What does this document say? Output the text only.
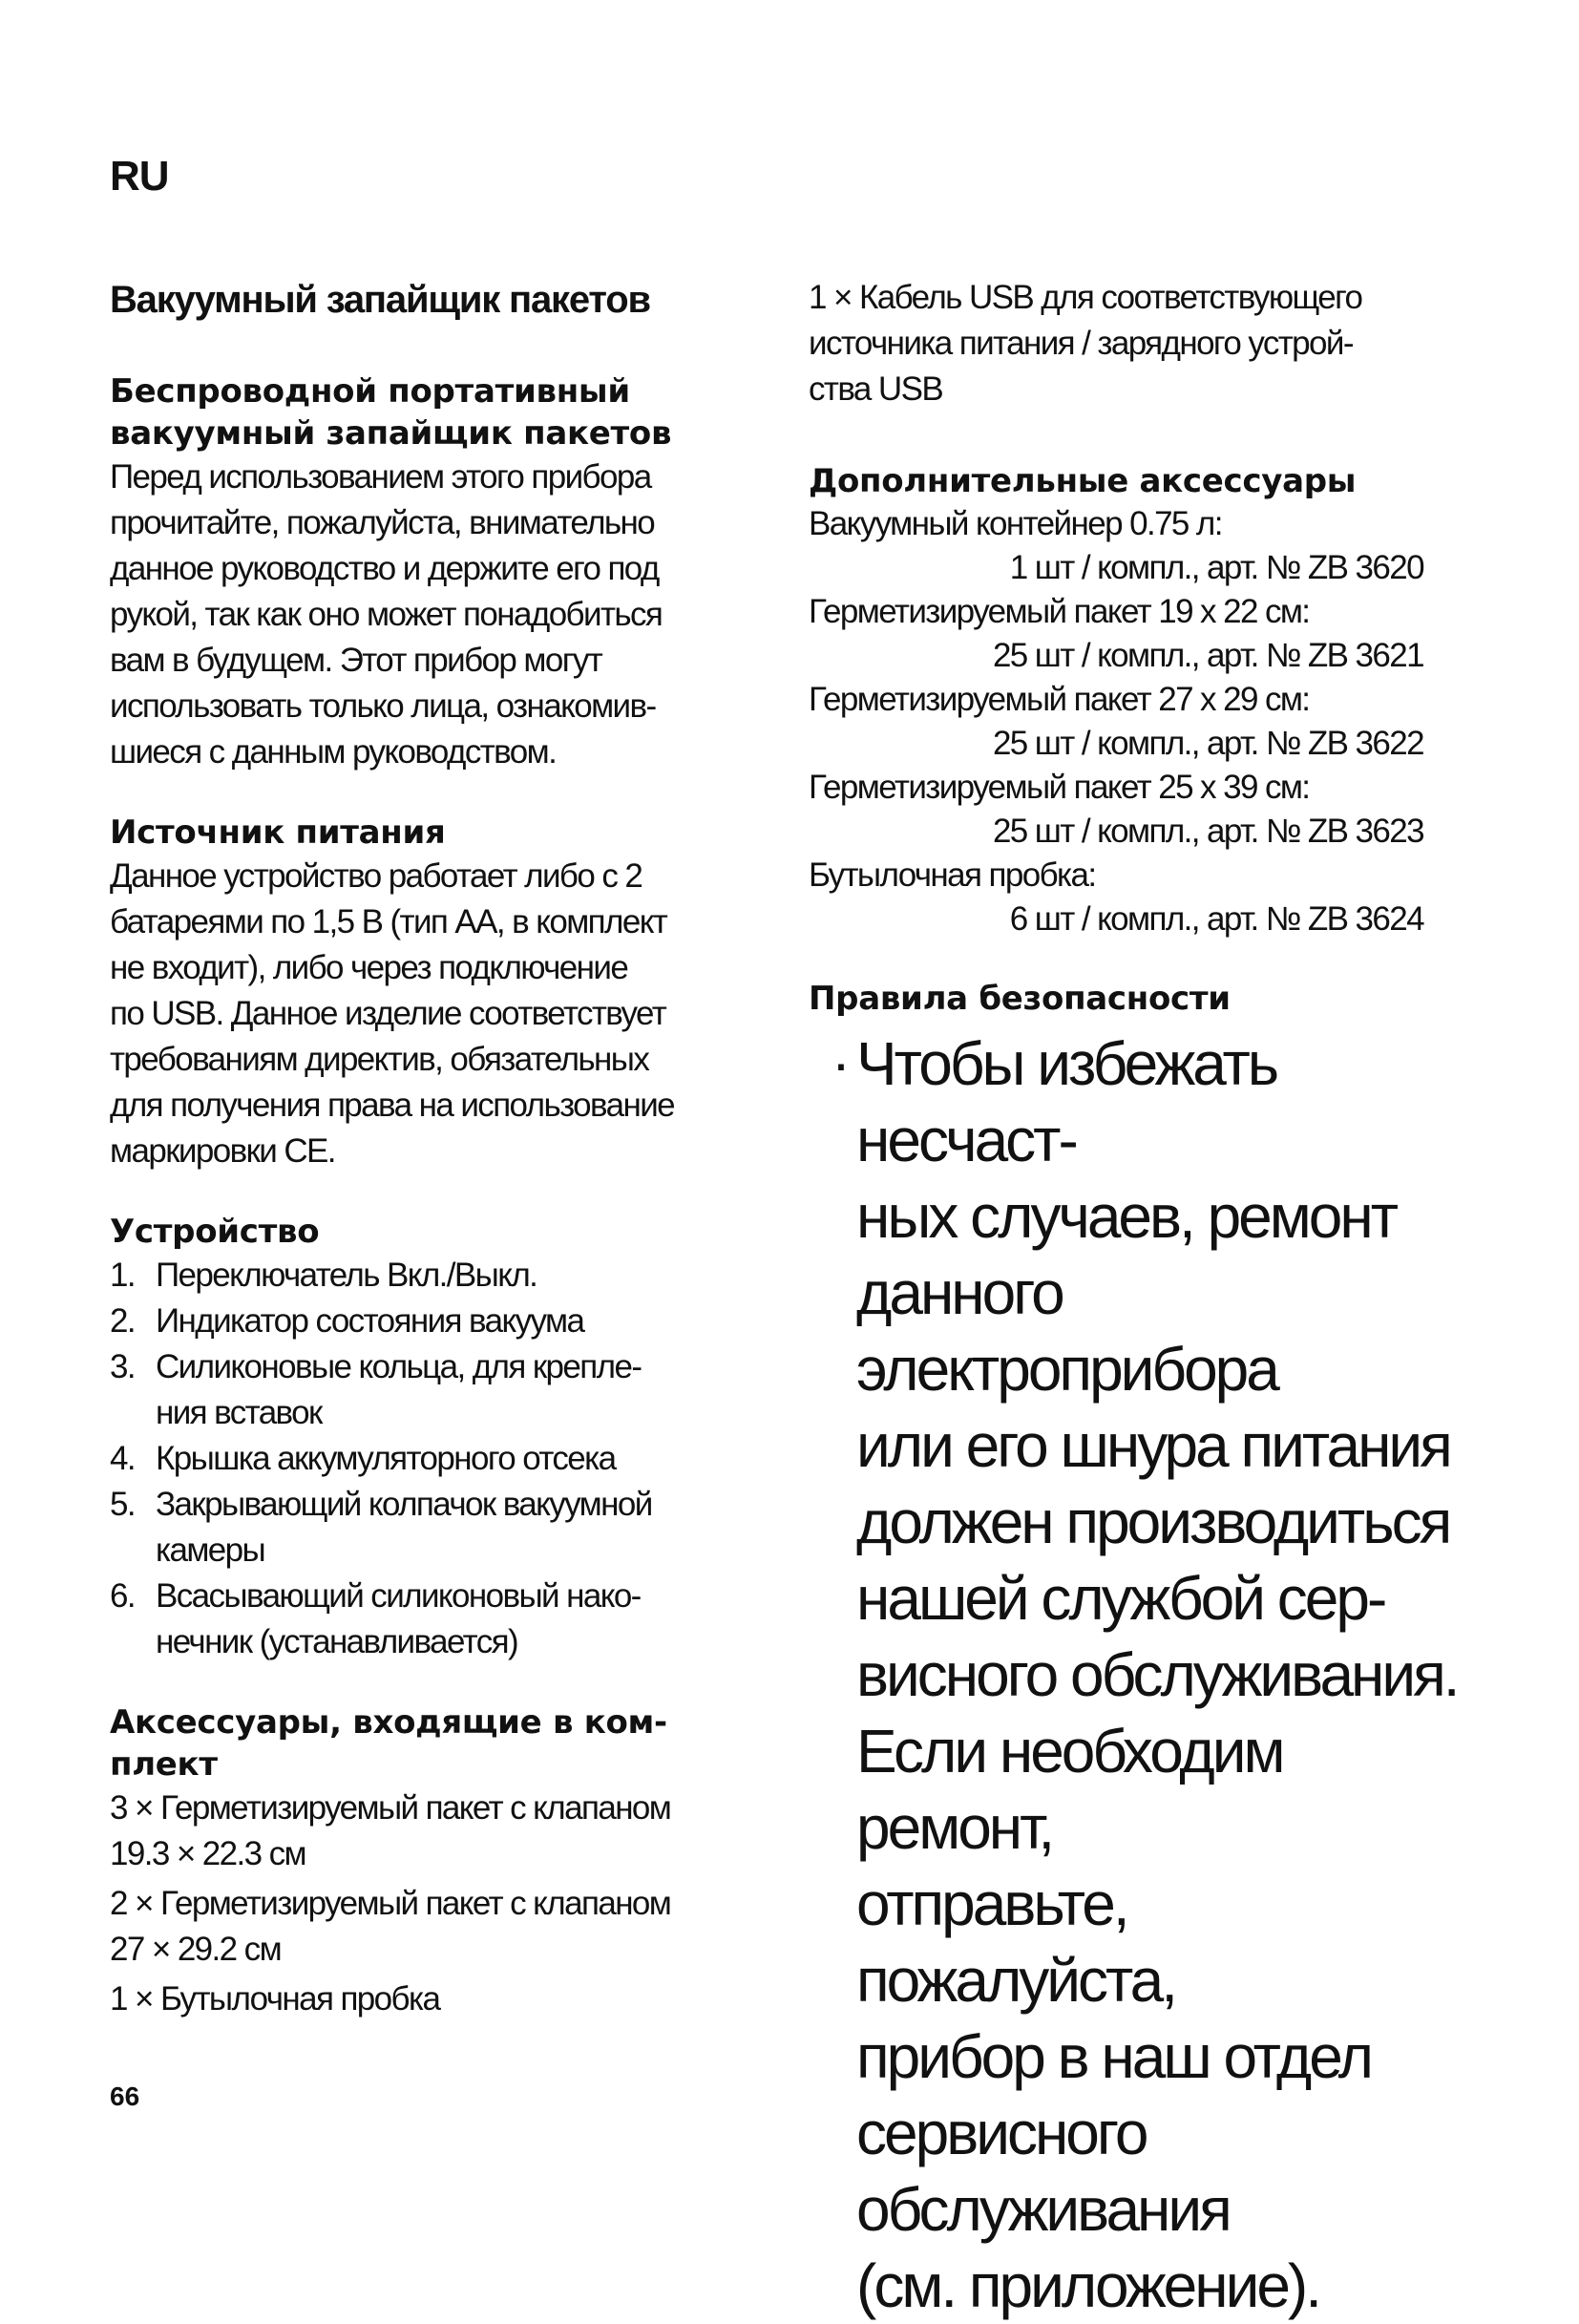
RU
Вакуумный запайщик пакетов
Беспроводной портативный
вакуумный запайщик пакетов
Перед использованием этого прибора
прочитайте, пожалуйста, внимательно
данное руководство и держите его под
рукой, так как оно может понадобиться
вам в будущем. Этот прибор могут
использовать только лица, ознакомив-
шиеся с данным руководством.
Источник питания
Данное устройство работает либо с 2
батареями по 1,5 В (тип АА, в комплект
не входит), либо через подключение
по USB. Данное изделие соответствует
требованиям директив, обязательных
для получения права на использование
маркировки CE.
Устройство
1. Переключатель Вкл./Выкл.
2. Индикатор состояния вакуума
3. Силиконовые кольца, для крепле-
ния вставок
4. Крышка аккумуляторного отсека
5. Закрывающий колпачок вакуумной
камеры
6. Всасывающий силиконовый нако-
нечник (устанавливается)
Аксессуары, входящие в ком-
плект
3 × Герметизируемый пакет с клапаном
19.3 × 22.3 см
2 × Герметизируемый пакет с клапаном
27 × 29.2 см
1 × Бутылочная пробка
1 × Кабель USB для соответствующего
источника питания / зарядного устрой-
ства USB
Дополнительные аксессуары
Вакуумный контейнер 0.75 л:
1 шт / компл., арт. № ZB 3620
Герметизируемый пакет 19 x 22 см:
25 шт / компл., арт. № ZB 3621
Герметизируемый пакет 27 x 29 см:
25 шт / компл., арт. № ZB 3622
Герметизируемый пакет 25 x 39 см:
25 шт / компл., арт. № ZB 3623
Бутылочная пробка:
6 шт / компл., арт. № ZB 3624
Правила безопасности
· Чтобы избежать несчаст-
ных случаев, ремонт
данного электроприбора
или его шнура питания
должен производиться
нашей службой сер-
висного обслуживания.
Если необходим ремонт,
отправьте, пожалуйста,
прибор в наш отдел
сервисного обслуживания
(см. приложение).
66
